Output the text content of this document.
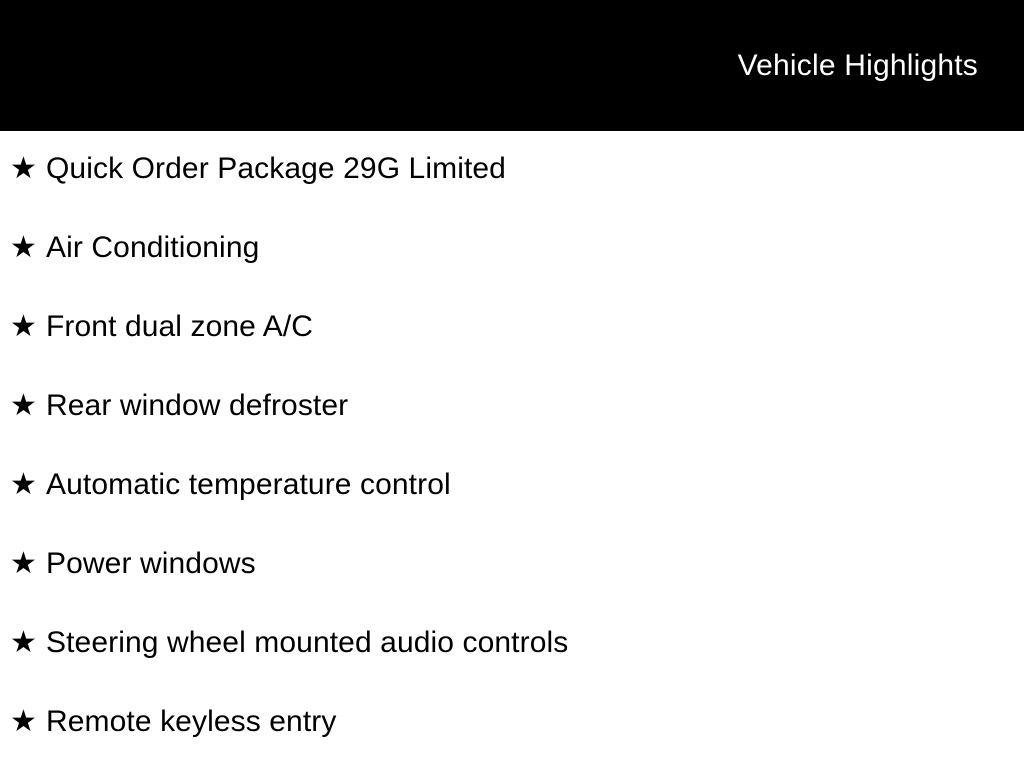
Vehicle Highlights
★ Quick Order Package 29G Limited
★ Air Conditioning
★ Front dual zone A/C
★ Rear window defroster
★ Automatic temperature control
★ Power windows
★ Steering wheel mounted audio controls
★ Remote keyless entry
